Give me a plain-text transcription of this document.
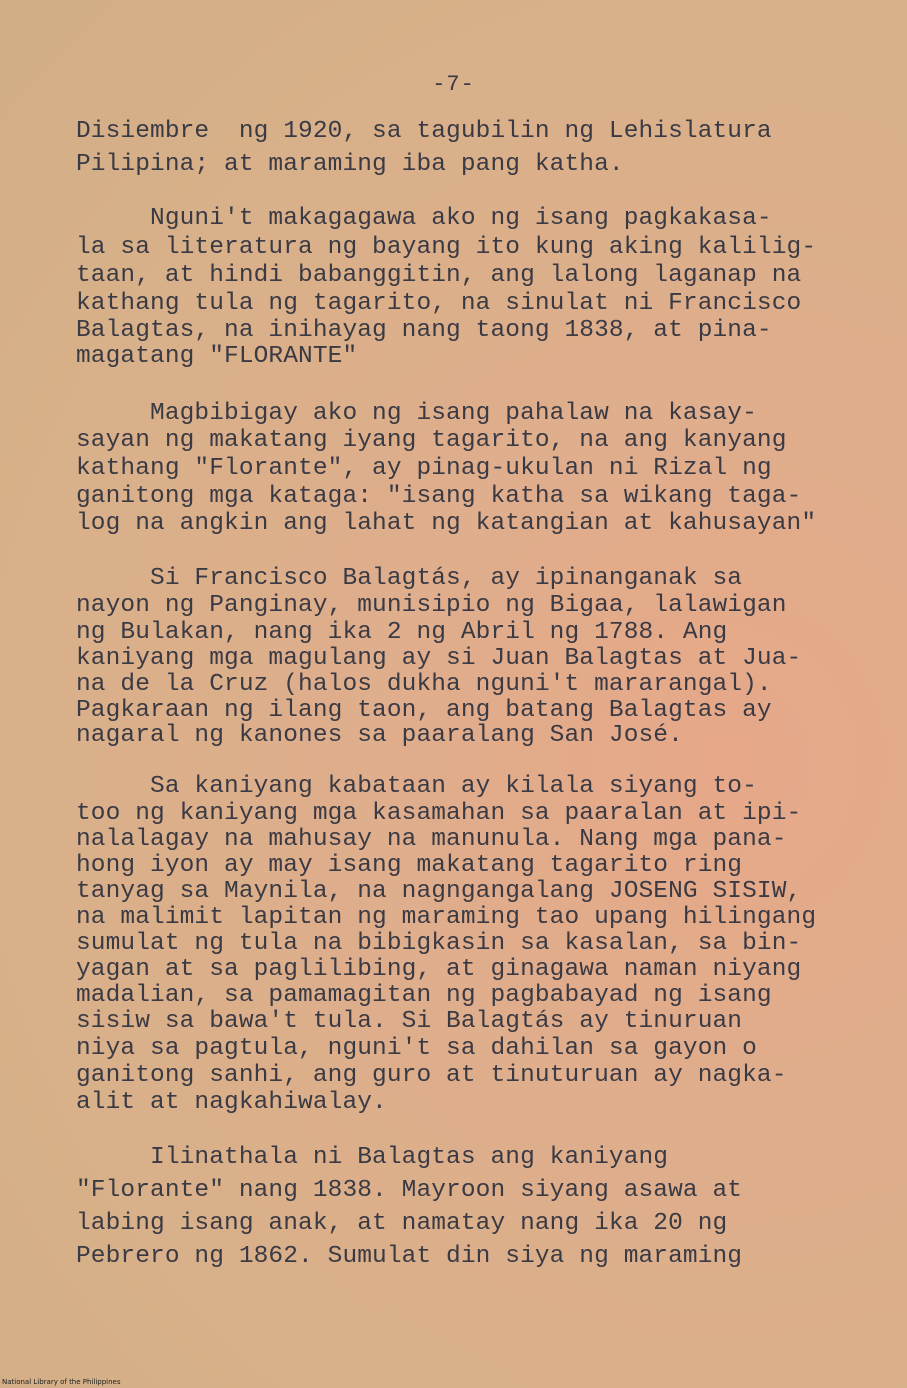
-7-

Disiembre  ng 1920, sa tagubilin ng Lehislatura

Pilipina; at maraming iba pang katha.

Nguni't makagagawa ako ng isang pagkakasa-

la sa literatura ng bayang ito kung aking kalilig-

taan, at hindi babanggitin, ang lalong laganap na

kathang tula ng tagarito, na sinulat ni Francisco

Balagtas, na inihayag nang taong 1838, at pina-

magatang "FLORANTE"

Magbibigay ako ng isang pahalaw na kasay-

sayan ng makatang iyang tagarito, na ang kanyang

kathang "Florante", ay pinag-ukulan ni Rizal ng

ganitong mga kataga: "isang katha sa wikang taga-

log na angkin ang lahat ng katangian at kahusayan"

Si Francisco Balagtás, ay ipinanganak sa

nayon ng Panginay, munisipio ng Bigaa, lalawigan

ng Bulakan, nang ika 2 ng Abril ng 1788. Ang

kaniyang mga magulang ay si Juan Balagtas at Jua-

na de la Cruz (halos dukha nguni't mararangal).

Pagkaraan ng ilang taon, ang batang Balagtas ay

nagaral ng kanones sa paaralang San José.

Sa kaniyang kabataan ay kilala siyang to-

too ng kaniyang mga kasamahan sa paaralan at ipi-

nalalagay na mahusay na manunula. Nang mga pana-

hong iyon ay may isang makatang tagarito ring

tanyag sa Maynila, na nagngangalang JOSENG SISIW,

na malimit lapitan ng maraming tao upang hilingang

sumulat ng tula na bibigkasin sa kasalan, sa bin-

yagan at sa paglilibing, at ginagawa naman niyang

madalian, sa pamamagitan ng pagbabayad ng isang

sisiw sa bawa't tula. Si Balagtás ay tinuruan

niya sa pagtula, nguni't sa dahilan sa gayon o

ganitong sanhi, ang guro at tinuturuan ay nagka-

alit at nagkahiwalay.

Ilinathala ni Balagtas ang kaniyang

"Florante" nang 1838. Mayroon siyang asawa at

labing isang anak, at namatay nang ika 20 ng

Pebrero ng 1862. Sumulat din siya ng maraming

National Library of the Philippines
